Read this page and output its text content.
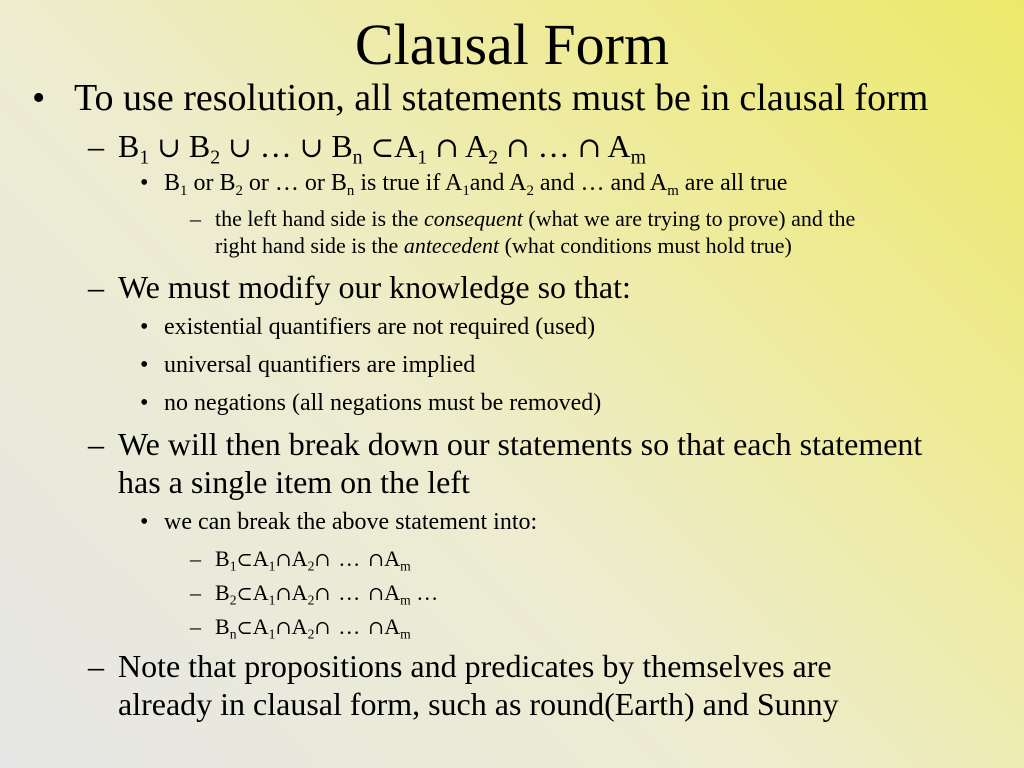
Clausal Form
• To use resolution, all statements must be in clausal form
– $B_1$ ∪ $B_2$ ∪ … ∪ $B_n$ $\subset A_1$ ∩ $A_2$ ∩ … ∩ $A_m$
• $B_1$ or $B_2$ or … or $B_n$ is true if $A_1and$ $A_2$ and … and $A_m$ are all true
– the left hand side is the consequent (what we are trying to prove) and the
right hand side is the antecedent (what conditions must hold true)
– We must modify our knowledge so that:
• existential quantifiers are not required (used)
• universal quantifiers are implied
• no negations (all negations must be removed)
– We will then break down our statements so that each statement
has a single item on the left
• we can break the above statement into:
– $B_1\subset A_1\cap A_2\cap$ … $\cap A_m$
– $B_2\subset A_1\cap A_2\cap$ … $\cap A_m$ …
– $B_n\subset A_1\cap A_2\cap$ … $\cap A_m$
– Note that propositions and predicates by themselves are
already in clausal form, such as round(Earth) and Sunny
